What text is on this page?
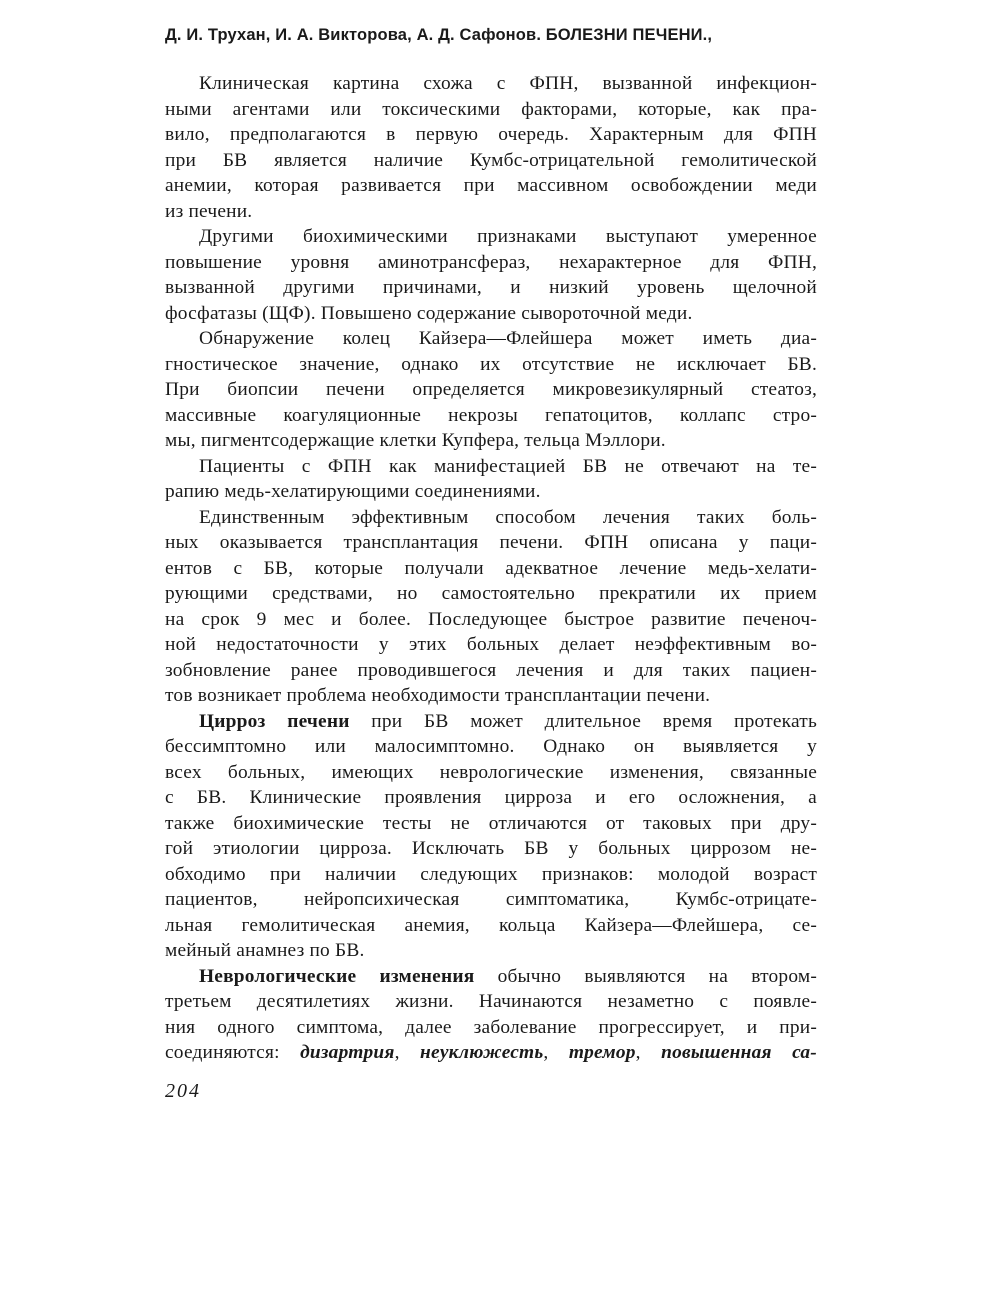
Д. И. Трухан, И. А. Викторова, А. Д. Сафонов. БОЛЕЗНИ ПЕЧЕНИ.,
Клиническая картина схожа с ФПН, вызванной инфекцион-
ными агентами или токсическими факторами, которые, как пра-
вило, предполагаются в первую очередь. Характерным для ФПН
при БВ является наличие Кумбс-отрицательной гемолитической
анемии, которая развивается при массивном освобождении меди
из печени.
Другими биохимическими признаками выступают умеренное
повышение уровня аминотрансфераз, нехарактерное для ФПН,
вызванной другими причинами, и низкий уровень щелочной
фосфатазы (ЩФ). Повышено содержание сывороточной меди.
Обнаружение колец Кайзера—Флейшера может иметь диа-
гностическое значение, однако их отсутствие не исключает БВ.
При биопсии печени определяется микровезикулярный стеатоз,
массивные коагуляционные некрозы гепатоцитов, коллапс стро-
мы, пигментсодержащие клетки Купфера, тельца Мэллори.
Пациенты с ФПН как манифестацией БВ не отвечают на те-
рапию медь-хелатирующими соединениями.
Единственным эффективным способом лечения таких боль-
ных оказывается трансплантация печени. ФПН описана у паци-
ентов с БВ, которые получали адекватное лечение медь-хелати-
рующими средствами, но самостоятельно прекратили их прием
на срок 9 мес и более. Последующее быстрое развитие печеноч-
ной недостаточности у этих больных делает неэффективным во-
зобновление ранее проводившегося лечения и для таких пациен-
тов возникает проблема необходимости трансплантации печени.
Цирроз печени при БВ может длительное время протекать
бессимптомно или малосимптомно. Однако он выявляется у
всех больных, имеющих неврологические изменения, связанные
с БВ. Клинические проявления цирроза и его осложнения, а
также биохимические тесты не отличаются от таковых при дру-
гой этиологии цирроза. Исключать БВ у больных циррозом не-
обходимо при наличии следующих признаков: молодой возраст
пациентов, нейропсихическая симптоматика, Кумбс-отрицате-
льная гемолитическая анемия, кольца Кайзера—Флейшера, се-
мейный анамнез по БВ.
Неврологические изменения обычно выявляются на втором-
третьем десятилетиях жизни. Начинаются незаметно с появле-
ния одного симптома, далее заболевание прогрессирует, и при-
соединяются: дизартрия, неуклюжесть, тремор, повышенная са-
204
